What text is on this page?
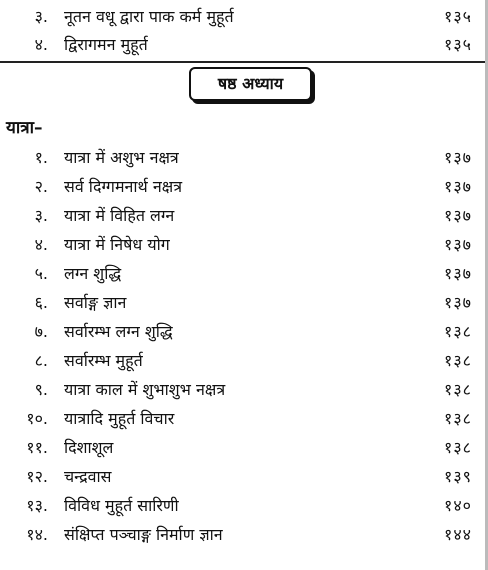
३. नूतन वधू द्वारा पाक कर्म मुहूर्त	१३५
४. द्विरागमन मुहूर्त	१३५
षष्ठ अध्याय
यात्रा–
१. यात्रा में अशुभ नक्षत्र	१३७
२. सर्व दिग्गमनार्थ नक्षत्र	१३७
३. यात्रा में विहित लग्न	१३७
४. यात्रा में निषेध योग	१३७
५. लग्न शुद्धि	१३७
६. सर्वाङ्ग ज्ञान	१३७
७. सर्वारम्भ लग्न शुद्धि	१३८
८. सर्वारम्भ मुहूर्त	१३८
९. यात्रा काल में शुभाशुभ नक्षत्र	१३८
१०. यात्रादि मुहूर्त विचार	१३८
११. दिशाशूल	१३८
१२. चन्द्रवास	१३९
१३. विविध मुहूर्त सारिणी	१४०
१४. संक्षिप्त पञ्चाङ्ग निर्माण ज्ञान	१४४
